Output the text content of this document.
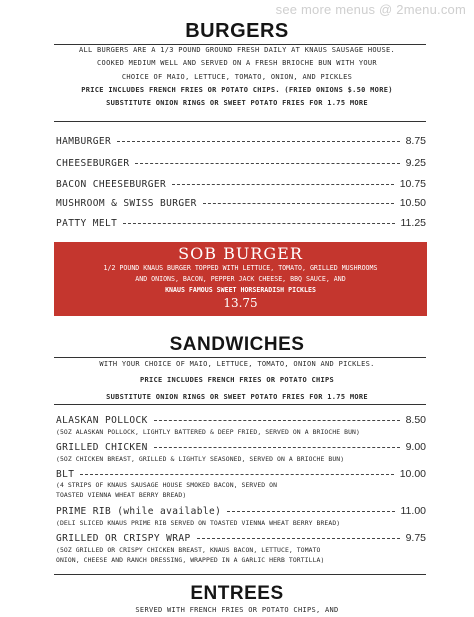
see more menus @ 2menu.com
BURGERS
ALL BURGERS ARE A 1/3 POUND GROUND FRESH DAILY AT KNAUS SAUSAGE HOUSE.
COOKED MEDIUM WELL AND SERVED ON A FRESH BRIOCHE BUN WITH YOUR
CHOICE OF MAIO, LETTUCE, TOMATO, ONION, AND PICKLES
PRICE INCLUDES FRENCH FRIES OR POTATO CHIPS. (FRIED ONIONS $.50 MORE)
SUBSTITUTE ONION RINGS OR SWEET POTATO FRIES FOR 1.75 MORE
HAMBURGER	8.75
CHEESEBURGER	9.25
BACON CHEESEBURGER	10.75
MUSHROOM & SWISS BURGER	10.50
PATTY MELT	11.25
SOB BURGER
1/2 POUND KNAUS BURGER TOPPED WITH LETTUCE, TOMATO, GRILLED MUSHROOMS
AND ONIONS, BACON, PEPPER JACK CHEESE, BBQ SAUCE, AND
KNAUS FAMOUS SWEET HORSERADISH PICKLES
13.75
SANDWICHES
WITH YOUR CHOICE OF MAIO, LETTUCE, TOMATO, ONION AND PICKLES.
PRICE INCLUDES FRENCH FRIES OR POTATO CHIPS
SUBSTITUTE ONION RINGS OR SWEET POTATO FRIES FOR 1.75 MORE
ALASKAN POLLOCK	8.50
(5OZ ALASKAN POLLOCK, LIGHTLY BATTERED & DEEP FRIED, SERVED ON A BRIOCHE BUN)
GRILLED CHICKEN	9.00
(5OZ CHICKEN BREAST, GRILLED & LIGHTLY SEASONED, SERVED ON A BRIOCHE BUN)
BLT	10.00
(4 STRIPS OF KNAUS SAUSAGE HOUSE SMOKED BACON, SERVED ON
TOASTED VIENNA WHEAT BERRY BREAD)
PRIME RIB (while available)	11.00
(DELI SLICED KNAUS PRIME RIB SERVED ON TOASTED VIENNA WHEAT BERRY BREAD)
GRILLED OR CRISPY WRAP	9.75
(5OZ GRILLED OR CRISPY CHICKEN BREAST, KNAUS BACON, LETTUCE, TOMATO
ONION, CHEESE AND RANCH DRESSING, WRAPPED IN A GARLIC HERB TORTILLA)
ENTREES
SERVED WITH FRENCH FRIES OR POTATO CHIPS, AND
